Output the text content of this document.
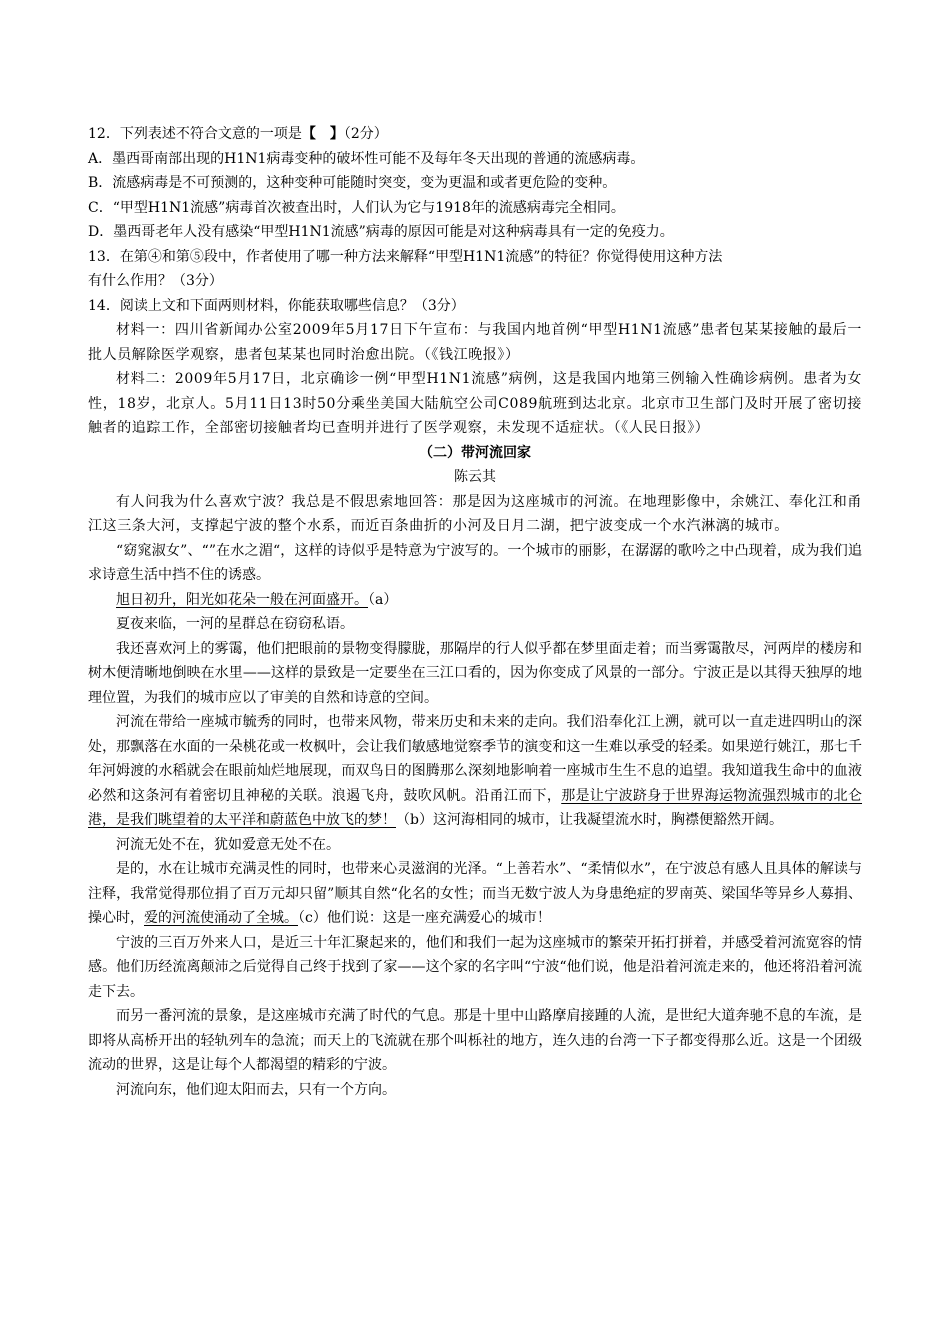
12．下列表述不符合文意的一项是【　】（2分）

A．墨西哥南部出现的H1N1病毒变种的破坏性可能不及每年冬天出现的普通的流感病毒。

B．流感病毒是不可预测的，这种变种可能随时突变，变为更温和或者更危险的变种。

C．“甲型H1N1流感”病毒首次被查出时，人们认为它与1918年的流感病毒完全相同。

D．墨西哥老年人没有感染“甲型H1N1流感”病毒的原因可能是对这种病毒具有一定的免疫力。

13．在第④和第⑤段中，作者使用了哪一种方法来解释“甲型H1N1流感”的特征？你觉得使用这种方法

有什么作用？（3分）

14．阅读上文和下面两则材料，你能获取哪些信息？（3分）

材料一：四川省新闻办公室2009年5月17日下午宣布：与我国内地首例“甲型H1N1流感”患者包某某接触的最后一批人员解除医学观察，患者包某某也同时治愈出院。（《钱江晚报》）

材料二：2009年5月17日，北京确诊一例“甲型H1N1流感”病例，这是我国内地第三例输入性确诊病例。患者为女性，18岁，北京人。5月11日13时50分乘坐美国大陆航空公司C089航班到达北京。北京市卫生部门及时开展了密切接触者的追踪工作，全部密切接触者均已查明并进行了医学观察，未发现不适症状。（《人民日报》）

（二）带河流回家

陈云其

有人问我为什么喜欢宁波？我总是不假思索地回答：那是因为这座城市的河流。在地理影像中，余姚江、奉化江和甬江这三条大河，支撑起宁波的整个水系，而近百条曲折的小河及日月二湖，把宁波变成一个水汽淋漓的城市。

“窈窕淑女”、“”在水之湄“，这样的诗似乎是特意为宁波写的。一个城市的丽影，在潺潺的歌吟之中凸现着，成为我们追求诗意生活中挡不住的诱惑。

旭日初升，阳光如花朵一般在河面盛开。（a）

夏夜来临，一河的星群总在窃窃私语。

我还喜欢河上的雾霭，他们把眼前的景物变得朦胧，那隔岸的行人似乎都在梦里面走着；而当雾霭散尽，河两岸的楼房和树木便清晰地倒映在水里——这样的景致是一定要坐在三江口看的，因为你变成了风景的一部分。宁波正是以其得天独厚的地理位置，为我们的城市应以了审美的自然和诗意的空间。

河流在带给一座城市毓秀的同时，也带来风物，带来历史和未来的走向。我们沿奉化江上溯，就可以一直走进四明山的深处，那飘落在水面的一朵桃花或一枚枫叶，会让我们敏感地觉察季节的演变和这一生难以承受的轻柔。如果逆行姚江，那七千年河姆渡的水稻就会在眼前灿烂地展现，而双鸟日的图腾那么深刻地影响着一座城市生生不息的追望。我知道我生命中的血液必然和这条河有着密切且神秘的关联。浪遏飞舟，鼓吹风帆。沿甬江而下，那是让宁波跻身于世界海运物流强烈城市的北仑港，是我们眺望着的太平洋和蔚蓝色中放飞的梦！（b）这河海相同的城市，让我凝望流水时，胸襟便豁然开阔。

河流无处不在，犹如爱意无处不在。

是的，水在让城市充满灵性的同时，也带来心灵滋润的光泽。“上善若水”、“柔情似水”，在宁波总有感人且具体的解读与注释，我常觉得那位捐了百万元却只留”顺其自然“化名的女性；而当无数宁波人为身患绝症的罗南英、梁国华等异乡人募捐、操心时，爱的河流使涌动了全城。（c）他们说：这是一座充满爱心的城市！

宁波的三百万外来人口，是近三十年汇聚起来的，他们和我们一起为这座城市的繁荣开拓打拼着，并感受着河流宽容的情感。他们历经流离颠沛之后觉得自己终于找到了家——这个家的名字叫“宁波“他们说，他是沿着河流走来的，他还将沿着河流走下去。

而另一番河流的景象，是这座城市充满了时代的气息。那是十里中山路摩肩接踵的人流，是世纪大道奔驰不息的车流，是即将从高桥开出的轻轨列车的急流；而天上的飞流就在那个叫栎社的地方，连久违的台湾一下子都变得那么近。这是一个团级流动的世界，这是让每个人都渴望的精彩的宁波。

河流向东，他们迎太阳而去，只有一个方向。
